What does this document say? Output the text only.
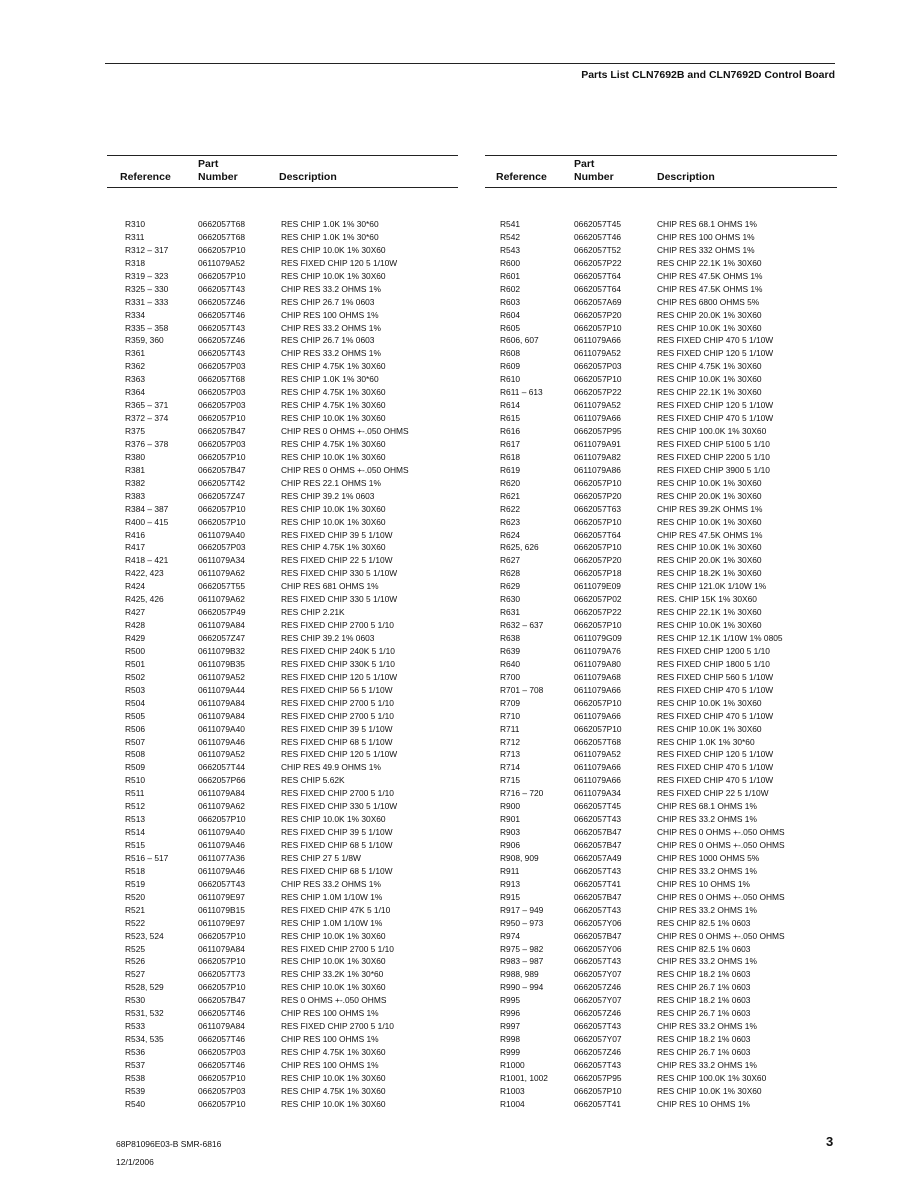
Parts List CLN7692B and CLN7692D Control Board
Reference
Part
Number	Description
R310	0662057T68	RES CHIP 1.0K 1% 30*60
R311	0662057T68	RES CHIP 1.0K 1% 30*60
R312 – 317	0662057P10	RES CHIP 10.0K 1% 30X60
R318	0611079A52	RES FIXED CHIP 120 5 1/10W
R319 – 323	0662057P10	RES CHIP 10.0K 1% 30X60
R325 – 330	0662057T43	CHIP RES 33.2 OHMS 1%
R331 – 333	0662057Z46	RES CHIP 26.7 1% 0603
R334	0662057T46	CHIP RES 100 OHMS 1%
R335 – 358	0662057T43	CHIP RES 33.2 OHMS 1%
R359, 360	0662057Z46	RES CHIP 26.7 1% 0603
R361	0662057T43	CHIP RES 33.2 OHMS 1%
R362	0662057P03	RES CHIP 4.75K 1% 30X60
R363	0662057T68	RES CHIP 1.0K 1% 30*60
R364	0662057P03	RES CHIP 4.75K 1% 30X60
R365 – 371	0662057P03	RES CHIP 4.75K 1% 30X60
R372 – 374	0662057P10	RES CHIP 10.0K 1% 30X60
R375	0662057B47	CHIP RES 0 OHMS +-.050 OHMS
R376 – 378	0662057P03	RES CHIP 4.75K 1% 30X60
R380	0662057P10	RES CHIP 10.0K 1% 30X60
R381	0662057B47	CHIP RES 0 OHMS +-.050 OHMS
R382	0662057T42	CHIP RES 22.1 OHMS 1%
R383	0662057Z47	RES CHIP 39.2 1% 0603
R384 – 387	0662057P10	RES CHIP 10.0K 1% 30X60
R400 – 415	0662057P10	RES CHIP 10.0K 1% 30X60
R416	0611079A40	RES FIXED CHIP 39 5 1/10W
R417	0662057P03	RES CHIP 4.75K 1% 30X60
R418 – 421	0611079A34	RES FIXED CHIP 22 5 1/10W
R422, 423	0611079A62	RES FIXED CHIP 330 5 1/10W
R424	0662057T55	CHIP RES 681 OHMS 1%
R425, 426	0611079A62	RES FIXED CHIP 330 5 1/10W
R427	0662057P49	RES CHIP 2.21K
R428	0611079A84	RES FIXED CHIP 2700 5 1/10
R429	0662057Z47	RES CHIP 39.2 1% 0603
R500	0611079B32	RES FIXED CHIP 240K 5 1/10
R501	0611079B35	RES FIXED CHIP 330K 5 1/10
R502	0611079A52	RES FIXED CHIP 120 5 1/10W
R503	0611079A44	RES FIXED CHIP 56 5 1/10W
R504	0611079A84	RES FIXED CHIP 2700 5 1/10
R505	0611079A84	RES FIXED CHIP 2700 5 1/10
R506	0611079A40	RES FIXED CHIP 39 5 1/10W
R507	0611079A46	RES FIXED CHIP 68 5 1/10W
R508	0611079A52	RES FIXED CHIP 120 5 1/10W
R509	0662057T44	CHIP RES 49.9 OHMS 1%
R510	0662057P66	RES CHIP 5.62K
R511	0611079A84	RES FIXED CHIP 2700 5 1/10
R512	0611079A62	RES FIXED CHIP 330 5 1/10W
R513	0662057P10	RES CHIP 10.0K 1% 30X60
R514	0611079A40	RES FIXED CHIP 39 5 1/10W
R515	0611079A46	RES FIXED CHIP 68 5 1/10W
R516 – 517	0611077A36	RES CHIP 27 5 1/8W
R518	0611079A46	RES FIXED CHIP 68 5 1/10W
R519	0662057T43	CHIP RES 33.2 OHMS 1%
R520	0611079E97	RES CHIP 1.0M 1/10W 1%
R521	0611079B15	RES FIXED CHIP 47K 5 1/10
R522	0611079E97	RES CHIP 1.0M 1/10W 1%
R523, 524	0662057P10	RES CHIP 10.0K 1% 30X60
R525	0611079A84	RES FIXED CHIP 2700 5 1/10
R526	0662057P10	RES CHIP 10.0K 1% 30X60
R527	0662057T73	RES CHIP 33.2K 1% 30*60
R528, 529	0662057P10	RES CHIP 10.0K 1% 30X60
R530	0662057B47	RES 0 OHMS +-.050 OHMS
R531, 532	0662057T46	CHIP RES 100 OHMS 1%
R533	0611079A84	RES FIXED CHIP 2700 5 1/10
R534, 535	0662057T46	CHIP RES 100 OHMS 1%
R536	0662057P03	RES CHIP 4.75K 1% 30X60
R537	0662057T46	CHIP RES 100 OHMS 1%
R538	0662057P10	RES CHIP 10.0K 1% 30X60
R539	0662057P03	RES CHIP 4.75K 1% 30X60
R540	0662057P10	RES CHIP 10.0K 1% 30X60
Reference
Part
Number	Description
R541	0662057T45	CHIP RES 68.1 OHMS 1%
R542	0662057T46	CHIP RES 100 OHMS 1%
R543	0662057T52	CHIP RES 332 OHMS 1%
R600	0662057P22	RES CHIP 22.1K 1% 30X60
R601	0662057T64	CHIP RES 47.5K OHMS 1%
R602	0662057T64	CHIP RES 47.5K OHMS 1%
R603	0662057A69	CHIP RES 6800 OHMS 5%
R604	0662057P20	RES CHIP 20.0K 1% 30X60
R605	0662057P10	RES CHIP 10.0K 1% 30X60
R606, 607	0611079A66	RES FIXED CHIP 470 5 1/10W
R608	0611079A52	RES FIXED CHIP 120 5 1/10W
R609	0662057P03	RES CHIP 4.75K 1% 30X60
R610	0662057P10	RES CHIP 10.0K 1% 30X60
R611 – 613	0662057P22	RES CHIP 22.1K 1% 30X60
R614	0611079A52	RES FIXED CHIP 120 5 1/10W
R615	0611079A66	RES FIXED CHIP 470 5 1/10W
R616	0662057P95	RES CHIP 100.0K 1% 30X60
R617	0611079A91	RES FIXED CHIP 5100 5 1/10
R618	0611079A82	RES FIXED CHIP 2200 5 1/10
R619	0611079A86	RES FIXED CHIP 3900 5 1/10
R620	0662057P10	RES CHIP 10.0K 1% 30X60
R621	0662057P20	RES CHIP 20.0K 1% 30X60
R622	0662057T63	CHIP RES 39.2K OHMS 1%
R623	0662057P10	RES CHIP 10.0K 1% 30X60
R624	0662057T64	CHIP RES 47.5K OHMS 1%
R625, 626	0662057P10	RES CHIP 10.0K 1% 30X60
R627	0662057P20	RES CHIP 20.0K 1% 30X60
R628	0662057P18	RES CHIP 18.2K 1% 30X60
R629	0611079E09	RES CHIP 121.0K 1/10W 1%
R630	0662057P02	RES. CHIP 15K 1% 30X60
R631	0662057P22	RES CHIP 22.1K 1% 30X60
R632 – 637	0662057P10	RES CHIP 10.0K 1% 30X60
R638	0611079G09	RES CHIP 12.1K 1/10W 1% 0805
R639	0611079A76	RES FIXED CHIP 1200 5 1/10
R640	0611079A80	RES FIXED CHIP 1800 5 1/10
R700	0611079A68	RES FIXED CHIP 560 5 1/10W
R701 – 708	0611079A66	RES FIXED CHIP 470 5 1/10W
R709	0662057P10	RES CHIP 10.0K 1% 30X60
R710	0611079A66	RES FIXED CHIP 470 5 1/10W
R711	0662057P10	RES CHIP 10.0K 1% 30X60
R712	0662057T68	RES CHIP 1.0K 1% 30*60
R713	0611079A52	RES FIXED CHIP 120 5 1/10W
R714	0611079A66	RES FIXED CHIP 470 5 1/10W
R715	0611079A66	RES FIXED CHIP 470 5 1/10W
R716 – 720	0611079A34	RES FIXED CHIP 22 5 1/10W
R900	0662057T45	CHIP RES 68.1 OHMS 1%
R901	0662057T43	CHIP RES 33.2 OHMS 1%
R903	0662057B47	CHIP RES 0 OHMS +-.050 OHMS
R906	0662057B47	CHIP RES 0 OHMS +-.050 OHMS
R908, 909	0662057A49	CHIP RES 1000 OHMS 5%
R911	0662057T43	CHIP RES 33.2 OHMS 1%
R913	0662057T41	CHIP RES 10 OHMS 1%
R915	0662057B47	CHIP RES 0 OHMS +-.050 OHMS
R917 – 949	0662057T43	CHIP RES 33.2 OHMS 1%
R950 – 973	0662057Y06	RES CHIP 82.5 1% 0603
R974	0662057B47	CHIP RES 0 OHMS +-.050 OHMS
R975 – 982	0662057Y06	RES CHIP 82.5 1% 0603
R983 – 987	0662057T43	CHIP RES 33.2 OHMS 1%
R988, 989	0662057Y07	RES CHIP 18.2 1% 0603
R990 – 994	0662057Z46	RES CHIP 26.7 1% 0603
R995	0662057Y07	RES CHIP 18.2 1% 0603
R996	0662057Z46	RES CHIP 26.7 1% 0603
R997	0662057T43	CHIP RES 33.2 OHMS 1%
R998	0662057Y07	RES CHIP 18.2 1% 0603
R999	0662057Z46	RES CHIP 26.7 1% 0603
R1000	0662057T43	CHIP RES 33.2 OHMS 1%
R1001, 1002	0662057P95	RES CHIP 100.0K 1% 30X60
R1003	0662057P10	RES CHIP 10.0K 1% 30X60
R1004	0662057T41	CHIP RES 10 OHMS 1%
68P81096E03-B SMR-6816
12/1/2006
3
